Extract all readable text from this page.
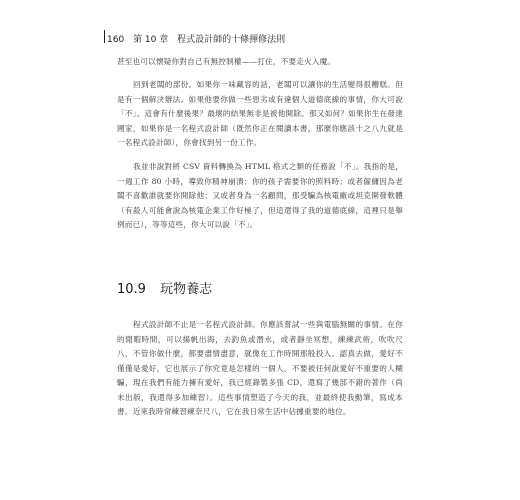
160 第 10 章 程式設計師的十條揮修法則

甚至也可以懷疑你對自己有無控制權——打住，不要走火入魔。

回到老闆的部份。如果你一味藏容的話，老闆可以讓你的生活變得很糟糕。但是有一個解決辦法。如果他要你做一些惡劣或有違個人道德底線的事情，你大可說「不」。這會有什麼後果？最壞的結果無非是被他開除。那又如何？如果你生在發達國家，如果你是一名程式設計師（既然你正在閱讀本書，那麼你應該十之八九就是一名程式設計師），你會找到另一份工作。

我並非說對將 CSV 資料轉換為 HTML 格式之類的任務說「不」。我指的是，一週工作 80 小時，導致你精神崩潰；你的孩子需要你的照料時；或者僱傭因為老闆不喜歡誰就要你開除他；又或者身為一名顧問，那受騙為核電廠或坦克開發軟體（有殺人可能會說為核電企業工作好極了，但這還得了我的道德底線，這裡只是舉例而已），等等這些，你大可以說「不」。

10.9 玩物養志

程式設計師不止是一名程式設計師。你應該嘗試一些與電腦無關的事情。在你的閒暇時間，可以揚帆出海，去釣魚或潛水，或者靜坐冥想，練練武術，吹吹尺八，不管你做什麼，都要盡情盡意，就像在工作時開那般投入。認真去做，愛好不僅僅是愛好，它也展示了你究竟是怎樣的一個人。不要被任何說愛好不重要的人糊騙，現在我們有能力擁有愛好，我已經錄製多張 CD，還寫了幾部不錯的著作（尚未出版，我還得多加練習）。這些事情塑造了今天的我，並最終使我動筆，寫成本書。近來我時常練習練奈尺八，它在我日常生活中佔據重要的地位。
